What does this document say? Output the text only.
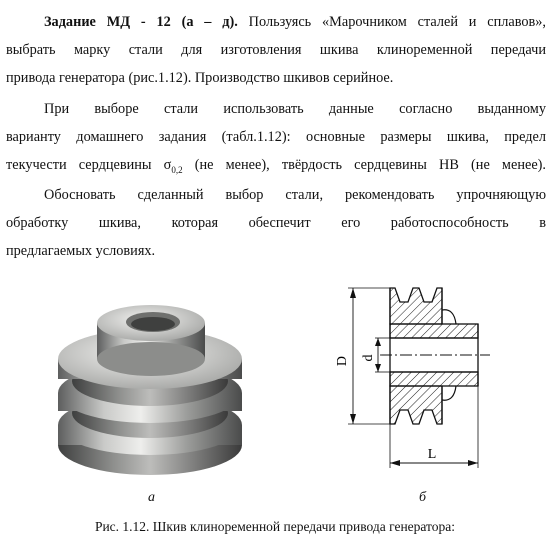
Задание МД - 12 (а – д). Пользуясь «Марочником сталей и сплавов»,

выбрать марку стали для изготовления шкива клиноременной передачи

привода генератора (рис.1.12). Производство шкивов серийное.

При выборе стали использовать данные согласно выданному

варианту домашнего задания (табл.1.12): основные размеры шкива, предел

текучести сердцевины $\sigma_{0,2}$ (не менее), твёрдость сердцевины HB (не менее).

Обосновать сделанный выбор стали, рекомендовать упрочняющую

обработку шкива, которая обеспечит его работоспособность в

предлагаемых условиях.

D d
L
а	б
Рис. 1.12. Шкив клиноременной передачи привода генератора:
